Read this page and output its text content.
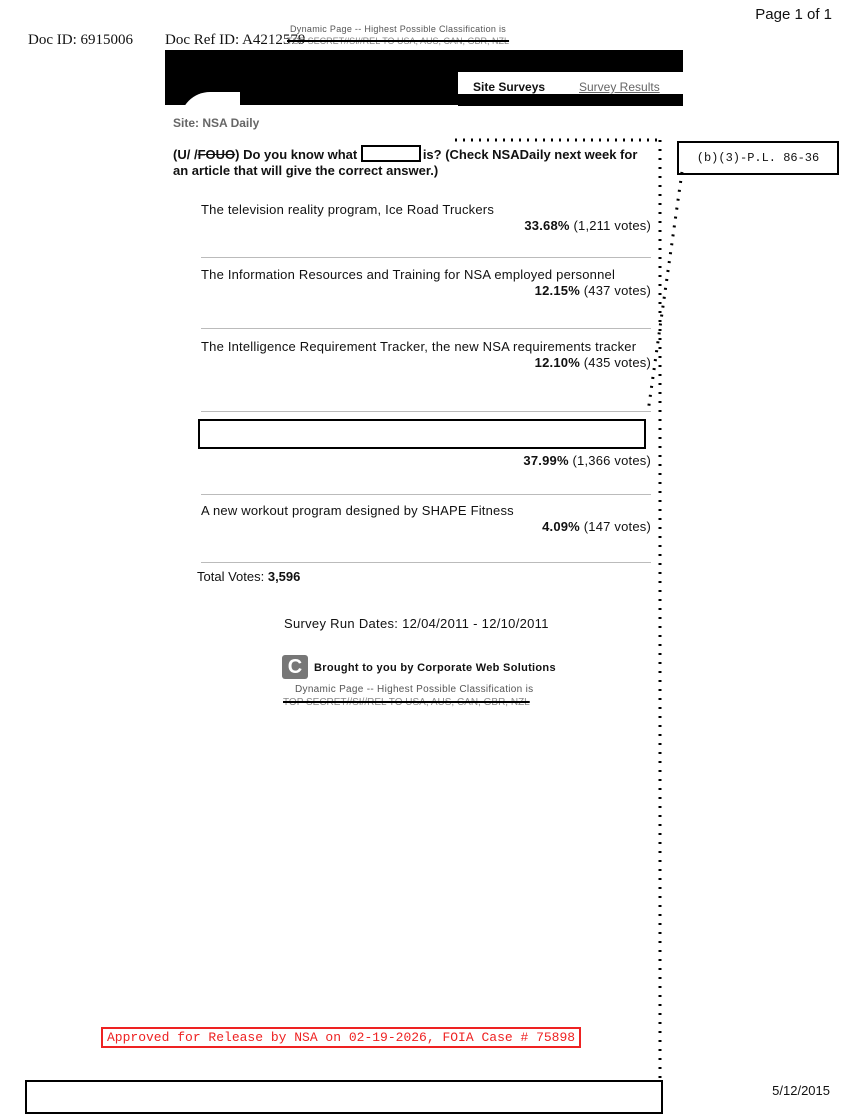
Page 1 of 1
Doc ID: 6915006 Doc Ref ID: A4212579
Dynamic Page -- Highest Possible Classification is
TOP SECRET//SI//REL TO USA, AUS, CAN, GBR, NZL
Site Surveys	Survey Results
Site: NSA Daily
(U/ /FOUO) Do you know what	is? (Check NSADaily next week for an article that will give the correct answer.)
(b)(3)-P.L. 86-36
The television reality program, Ice Road Truckers
33.68% (1,211 votes)
The Information Resources and Training for NSA employed personnel
12.15% (437 votes)
The Intelligence Requirement Tracker, the new NSA requirements tracker
12.10% (435 votes)
37.99% (1,366 votes)
A new workout program designed by SHAPE Fitness
4.09% (147 votes)
Total Votes: 3,596
Survey Run Dates: 12/04/2011 - 12/10/2011
C	Brought to you by Corporate Web Solutions
Dynamic Page -- Highest Possible Classification is
TOP SECRET//SI//REL TO USA, AUS, CAN, GBR, NZL
Approved for Release by NSA on 02-19-2026, FOIA Case # 75898
5/12/2015
